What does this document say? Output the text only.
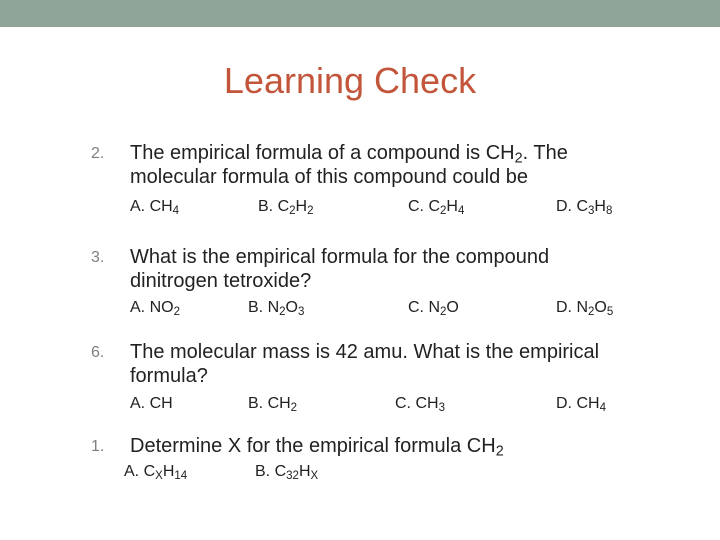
Learning Check
2. The empirical formula of a compound is $CH_2$. The
molecular formula of this compound could be
A. $CH_4$	B. $C_2H_2$	C. $C_2H_4$	D. $C_3H_8$
3. What is the empirical formula for the compound
dinitrogen tetroxide?
A. $NO_2$	B. $N_2O_3$	C. $N_2O$	D. $N_2O_5$
6. The molecular mass is 42 amu. What is the empirical
formula?
A. CH	B. $CH_2$	C. $CH_3$	D. $CH_4$
1. Determine X for the empirical formula $CH_2$
A. $C_XH_{14}$	B. $C_{32}H_X$
